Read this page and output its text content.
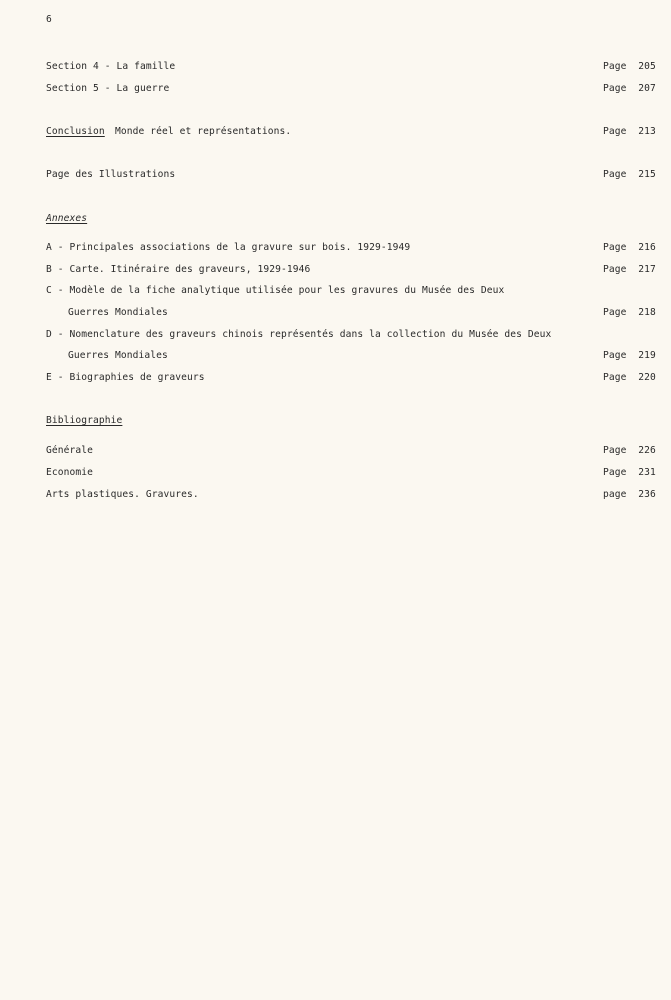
6
Section 4 - La famille	Page  205
Section 5 - La guerre	Page  207
Conclusion Monde réel et représentations.	Page  213
Page des Illustrations	Page  215
Annexes
A - Principales associations de la gravure sur bois. 1929-1949	Page  216
B - Carte. Itinéraire des graveurs, 1929-1946	Page  217
C - Modèle de la fiche analytique utilisée pour les gravures du Musée des Deux
Guerres Mondiales	Page  218
D - Nomenclature des graveurs chinois représentés dans la collection du Musée des Deux
Guerres Mondiales	Page  219
E - Biographies de graveurs	Page  220
Bibliographie
Générale	Page  226
Economie	Page  231
Arts plastiques. Gravures.	page  236
